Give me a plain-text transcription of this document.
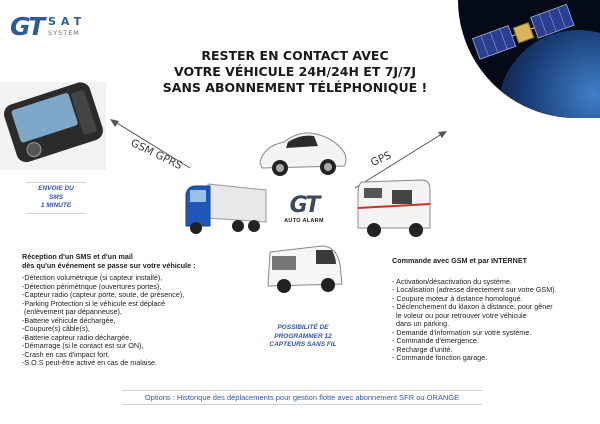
GT SAT
SYSTEM
RESTER EN CONTACT AVEC
VOTRE VÉHICULE 24H/24H ET 7J/7J
SANS ABONNEMENT TÉLÉPHONIQUE !
GSM GPRS	GPS
ENVOIE DU
SMS
1 MINUTE	GT
AUTO ALARM
Réception d'un SMS et d'un mail
dès qu'un événement se passe sur votre véhicule :
-Détection volumétrique (si capteur installé),
-Détection périmétrique (ouvertures portes),
-Capteur radio (capteur porte, soute, de présence),
-Parking Protection si le véhicule est déplacé
(enlèvement par dépanneuse),
-Batterie véhicule déchargée,
-Coupure(s) câble(s),
-Batterie capteur radio déchargée,
-Démarrage (si le contact est sur ON),
-Crash en cas d'impact fort,
-S.O.S peut-être activé en cas de malaise.
POSSIBILITÉ DE
PROGRAMMER 12
CAPTEURS SANS FIL
Commande avec GSM et par INTERNET
- Activation/désactivation du système.
- Localisation (adresse directement sur votre GSM).
- Coupure moteur à distance homologué.
- Déclenchement du klaxon à distance, pour gêner
le voleur ou pour retrouver votre véhicule
dans un parking.
- Demande d'information sur votre système.
- Commande d'émergence.
- Recharge d'unité.
- Commande fonction garage.
Options : Historique des déplacements pour gestion flotte avec abonnement SFR ou ORANGE
